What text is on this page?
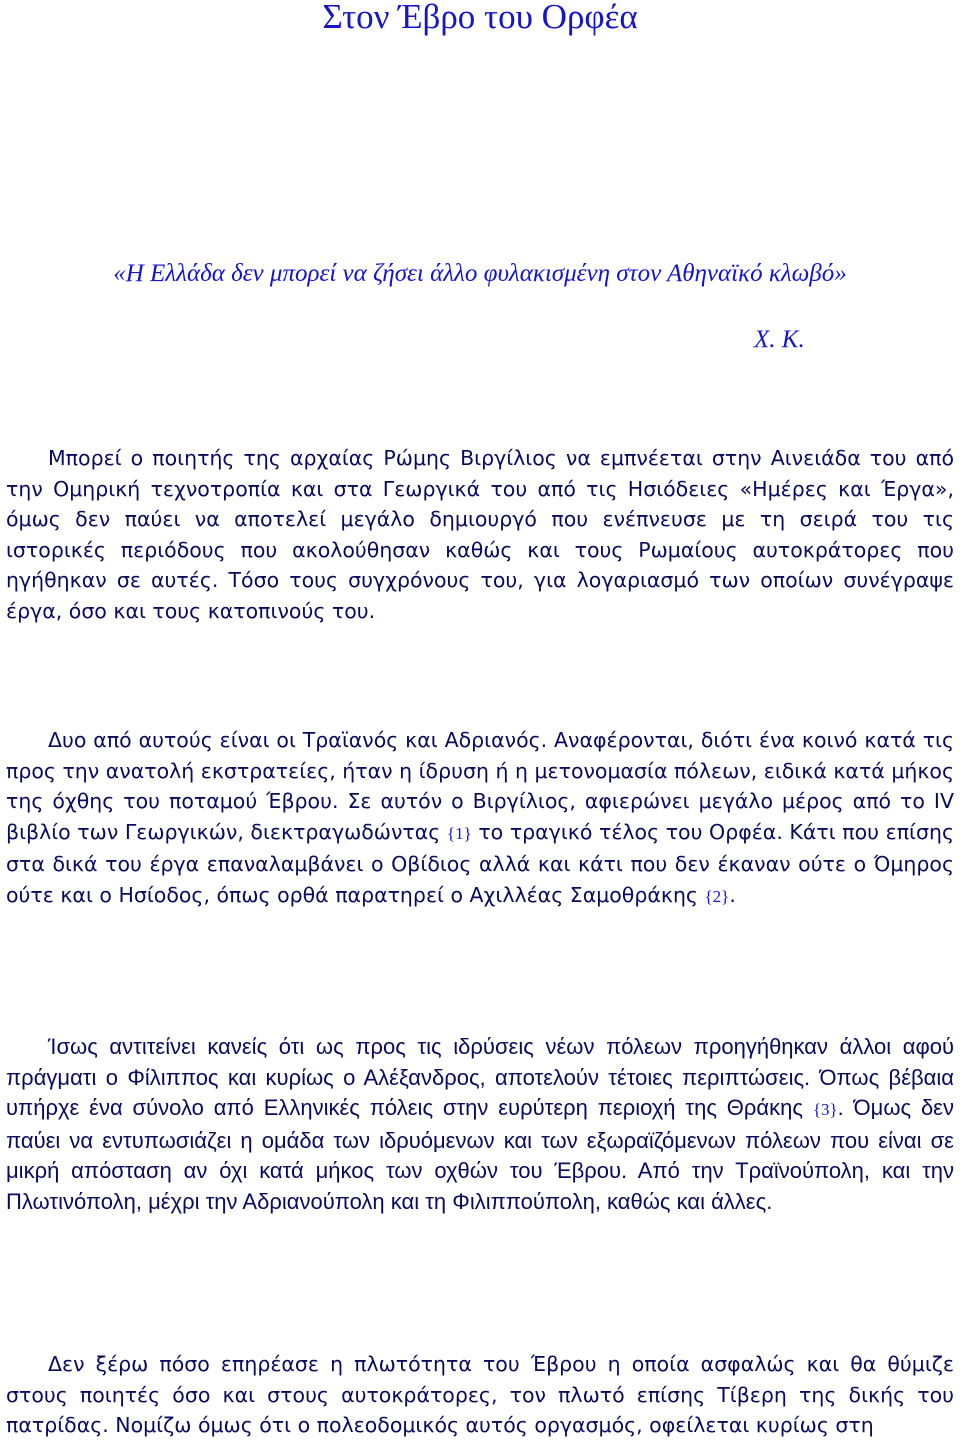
Στον Έβρο του Ορφέα

«Η Ελλάδα δεν μπορεί να ζήσει άλλο φυλακισμένη στον Αθηναϊκό κλωβό»

Χ. Κ.

Μπορεί ο ποιητής της αρχαίας Ρώμης Βιργίλιος να εμπνέεται στην Αινειάδα του από την Ομηρική τεχνοτροπία και στα Γεωργικά του από τις Ησιόδειες «Ημέρες και Έργα», όμως δεν παύει να αποτελεί μεγάλο δημιουργό που ενέπνευσε με τη σειρά του τις ιστορικές περιόδους που ακολούθησαν καθώς και τους Ρωμαίους αυτοκράτορες που ηγήθηκαν σε αυτές. Τόσο τους συγχρόνους του, για λογαριασμό των οποίων συνέγραψε έργα, όσο και τους κατοπινούς του.

Δυο από αυτούς είναι οι Τραϊανός και Αδριανός. Αναφέρονται, διότι ένα κοινό κατά τις προς την ανατολή εκστρατείες, ήταν η ίδρυση ή η μετονομασία πόλεων, ειδικά κατά μήκος της όχθης του ποταμού Έβρου. Σε αυτόν ο Βιργίλιος, αφιερώνει μεγάλο μέρος από το IV βιβλίο των Γεωργικών, διεκτραγωδώντας {1} το τραγικό τέλος του Ορφέα. Κάτι που επίσης στα δικά του έργα επαναλαμβάνει ο Οβίδιος αλλά και κάτι που δεν έκαναν ούτε ο Όμηρος ούτε και ο Ησίοδος, όπως ορθά παρατηρεί ο Αχιλλέας Σαμοθράκης {2}.

Ίσως αντιτείνει κανείς ότι ως προς τις ιδρύσεις νέων πόλεων προηγήθηκαν άλλοι αφού πράγματι ο Φίλιππος και κυρίως ο Αλέξανδρος, αποτελούν τέτοιες περιπτώσεις. Όπως βέβαια υπήρχε ένα σύνολο από Ελληνικές πόλεις στην ευρύτερη περιοχή της Θράκης {3}. Όμως δεν παύει να εντυπωσιάζει η ομάδα των ιδρυόμενων και των εξωραϊζόμενων πόλεων που είναι σε μικρή απόσταση αν όχι κατά μήκος των οχθών του Έβρου. Από την Τραϊνούπολη, και την Πλωτινόπολη, μέχρι την Αδριανούπολη και τη Φιλιππούπολη, καθώς και άλλες.

Δεν ξέρω πόσο επηρέασε η πλωτότητα του Έβρου η οποία ασφαλώς και θα θύμιζε στους ποιητές όσο και στους αυτοκράτορες, τον πλωτό επίσης Τίβερη της δικής του πατρίδας. Νομίζω όμως ότι ο πολεοδομικός αυτός οργασμός, οφείλεται κυρίως στη
